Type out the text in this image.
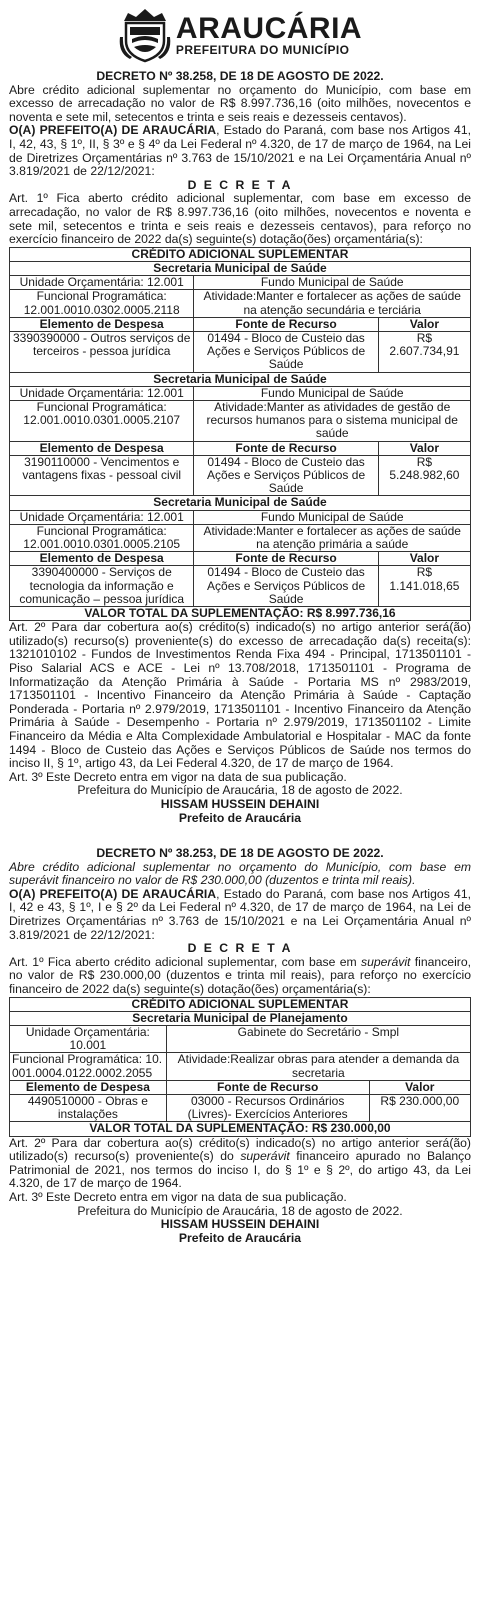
ARAUCÁRIA
PREFEITURA DO MUNICÍPIO
DECRETO Nº 38.258, DE 18 DE AGOSTO DE 2022.

Abre crédito adicional suplementar no orçamento do Município, com base em excesso de arrecadação no valor de R$ 8.997.736,16 (oito milhões, novecentos e noventa e sete mil, setecentos e trinta e seis reais e dezesseis centavos).

O(A) PREFEITO(A) DE ARAUCÁRIA, Estado do Paraná, com base nos Artigos 41, I, 42, 43, § 1º, II, § 3º e § 4º da Lei Federal nº 4.320, de 17 de março de 1964, na Lei de Diretrizes Orçamentárias nº 3.763 de 15/10/2021 e na Lei Orçamentária Anual nº 3.819/2021 de 22/12/2021:

D E C R E T A

Art. 1º Fica aberto crédito adicional suplementar, com base em excesso de arrecadação, no valor de R$ 8.997.736,16 (oito milhões, novecentos e noventa e sete mil, setecentos e trinta e seis reais e dezesseis centavos), para reforço no exercício financeiro de 2022 da(s) seguinte(s) dotação(ões) orçamentária(s):

CRÉDITO ADICIONAL SUPLEMENTAR		
Secretaria Municipal de Saúde		
Unidade Orçamentária: 12.001	Fundo Municipal de Saúde	
Funcional Programática: 12.001.0010.0302.0005.2118	Atividade:Manter e fortalecer as ações de saúde na atenção secundária e terciária	
Elemento de Despesa	Fonte de Recurso	Valor
3390390000 - Outros serviços de terceiros - pessoa jurídica	01494 - Bloco de Custeio das Ações e Serviços Públicos de Saúde	R$ 2.607.734,91
Secretaria Municipal de Saúde		
Unidade Orçamentária: 12.001	Fundo Municipal de Saúde	
Funcional Programática: 12.001.0010.0301.0005.2107	Atividade:Manter as atividades de gestão de recursos humanos para o sistema municipal de saúde	
Elemento de Despesa	Fonte de Recurso	Valor
3190110000 - Vencimentos e vantagens fixas - pessoal civil	01494 - Bloco de Custeio das Ações e Serviços Públicos de Saúde	R$ 5.248.982,60
Secretaria Municipal de Saúde		
Unidade Orçamentária: 12.001	Fundo Municipal de Saúde	
Funcional Programática: 12.001.0010.0301.0005.2105	Atividade:Manter e fortalecer as ações de saúde na atenção primária a saúde	
Elemento de Despesa	Fonte de Recurso	Valor
3390400000 - Serviços de tecnologia da informação e comunicação – pessoa jurídica	01494 - Bloco de Custeio das Ações e Serviços Públicos de Saúde	R$ 1.141.018,65
VALOR TOTAL DA SUPLEMENTAÇÃO: R$ 8.997.736,16		

Art. 2º Para dar cobertura ao(s) crédito(s) indicado(s) no artigo anterior será(ão) utilizado(s) recurso(s) proveniente(s) do excesso de arrecadação da(s) receita(s): 1321010102 - Fundos de Investimentos Renda Fixa 494 - Principal, 1713501101 - Piso Salarial ACS e ACE - Lei nº 13.708/2018, 1713501101 - Programa de Informatização da Atenção Primária à Saúde - Portaria MS nº 2983/2019, 1713501101 - Incentivo Financeiro da Atenção Primária à Saúde - Captação Ponderada - Portaria nº 2.979/2019, 1713501101 - Incentivo Financeiro da Atenção Primária à Saúde - Desempenho - Portaria nº 2.979/2019, 1713501102 - Limite Financeiro da Média e Alta Complexidade Ambulatorial e Hospitalar - MAC da fonte 1494 - Bloco de Custeio das Ações e Serviços Públicos de Saúde nos termos do inciso II, § 1º, artigo 43, da Lei Federal 4.320, de 17 de março de 1964.

Art. 3º Este Decreto entra em vigor na data de sua publicação.

Prefeitura do Município de Araucária, 18 de agosto de 2022.
HISSAM HUSSEIN DEHAINI
Prefeito de Araucária
DECRETO Nº 38.253, DE 18 DE AGOSTO DE 2022.

Abre crédito adicional suplementar no orçamento do Município, com base em superávit financeiro no valor de R$ 230.000,00 (duzentos e trinta mil reais).

O(A) PREFEITO(A) DE ARAUCÁRIA, Estado do Paraná, com base nos Artigos 41, I, 42 e 43, § 1º, I e § 2º da Lei Federal nº 4.320, de 17 de março de 1964, na Lei de Diretrizes Orçamentárias nº 3.763 de 15/10/2021 e na Lei Orçamentária Anual nº 3.819/2021 de 22/12/2021:

D E C R E T A

Art. 1º Fica aberto crédito adicional suplementar, com base em superávit financeiro, no valor de R$ 230.000,00 (duzentos e trinta mil reais), para reforço no exercício financeiro de 2022 da(s) seguinte(s) dotação(ões) orçamentária(s):

CRÉDITO ADICIONAL SUPLEMENTAR		
Secretaria Municipal de Planejamento		
Unidade Orçamentária: 10.001	Gabinete do Secretário - Smpl	
Funcional Programática: 10.001.0004.0122.0002.2055	Atividade:Realizar obras para atender a demanda da secretaria	
Elemento de Despesa	Fonte de Recurso	Valor
4490510000 - Obras e instalações	03000 - Recursos Ordinários (Livres)- Exercícios Anteriores	R$ 230.000,00
VALOR TOTAL DA SUPLEMENTAÇÃO: R$ 230.000,00		

Art. 2º Para dar cobertura ao(s) crédito(s) indicado(s) no artigo anterior será(ão) utilizado(s) recurso(s) proveniente(s) do superávit financeiro apurado no Balanço Patrimonial de 2021, nos termos do inciso I, do § 1º e § 2º, do artigo 43, da Lei 4.320, de 17 de março de 1964.

Art. 3º Este Decreto entra em vigor na data de sua publicação.

Prefeitura do Município de Araucária, 18 de agosto de 2022.
HISSAM HUSSEIN DEHAINI
Prefeito de Araucária
